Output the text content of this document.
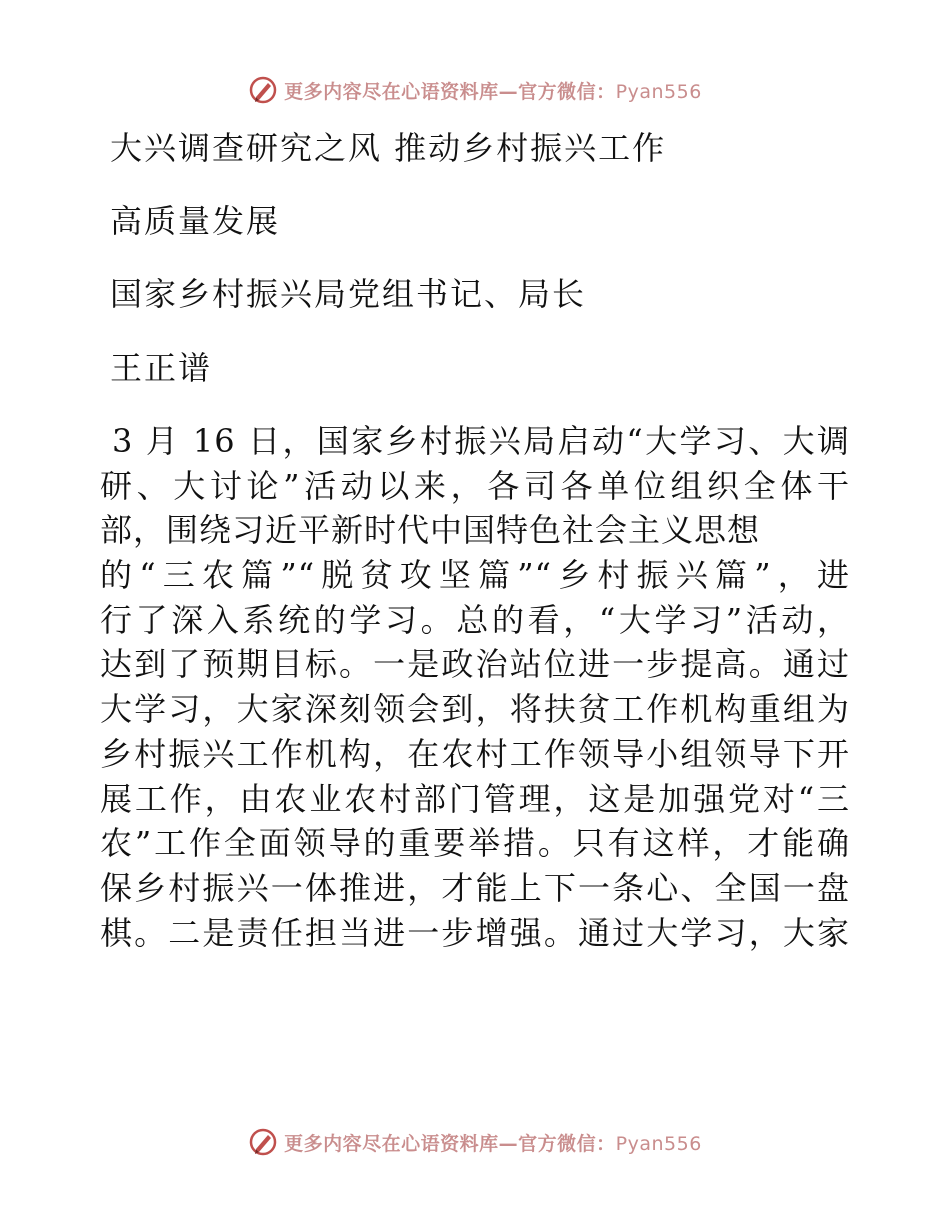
更多内容尽在心语资料库—官方微信：Pyan556
大兴调查研究之风 推动乡村振兴工作
高质量发展
国家乡村振兴局党组书记、局长
王正谱
3 月 16 日，国家乡村振兴局启动“大学习、大调
研、大讨论”活动以来，各司各单位组织全体干
部，围绕习近平新时代中国特色社会主义思想
的“三农篇”“脱贫攻坚篇”“乡村振兴篇”，进
行了深入系统的学习。总的看，“大学习”活动，
达到了预期目标。一是政治站位进一步提高。通过
大学习，大家深刻领会到，将扶贫工作机构重组为
乡村振兴工作机构，在农村工作领导小组领导下开
展工作，由农业农村部门管理，这是加强党对“三
农”工作全面领导的重要举措。只有这样，才能确
保乡村振兴一体推进，才能上下一条心、全国一盘
棋。二是责任担当进一步增强。通过大学习，大家
更多内容尽在心语资料库—官方微信：Pyan556
